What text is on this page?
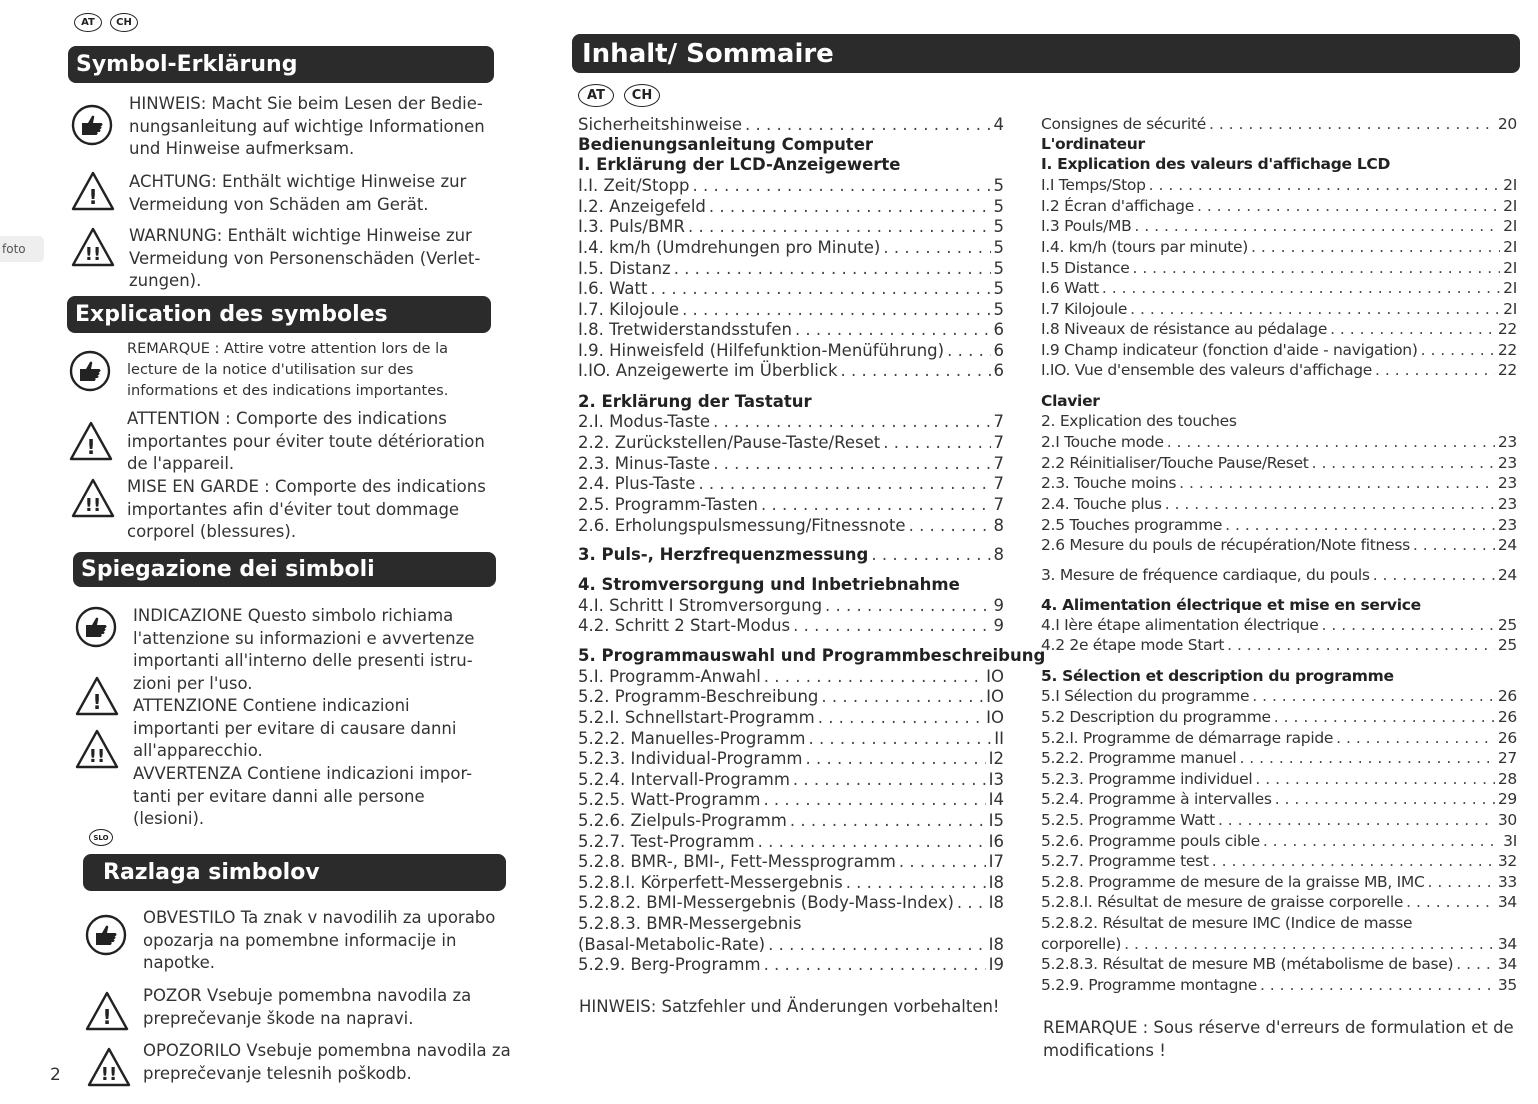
foto
AT	CH
Symbol-Erklärung
HINWEIS: Macht Sie beim Lesen der Bedie-
nungsanleitung auf wichtige Informationen
und Hinweise aufmerksam.
!
ACHTUNG: Enthält wichtige Hinweise zur
Vermeidung von Schäden am Gerät.
!!
WARNUNG: Enthält wichtige Hinweise zur
Vermeidung von Personenschäden (Verlet-
zungen).
Explication des symboles
REMARQUE : Attire votre attention lors de la
lecture de la notice d'utilisation sur des
informations et des indications importantes.
!
ATTENTION : Comporte des indications
importantes pour éviter toute détérioration
de l'appareil.
!!
MISE EN GARDE : Comporte des indications
importantes afin d'éviter tout dommage
corporel (blessures).
Spiegazione dei simboli
INDICAZIONE Questo simbolo richiama
l'attenzione su informazioni e avvertenze
importanti all'interno delle presenti istru-
zioni per l'uso.
! ATTENZIONE Contiene indicazioni
importanti per evitare di causare danni
all'apparecchio.
!!
AVVERTENZA Contiene indicazioni impor-
tanti per evitare danni alle persone
(lesioni).
SLO
Razlaga simbolov
OBVESTILO Ta znak v navodilih za uporabo
opozarja na pomembne informacije in
napotke.
!
POZOR Vsebuje pomembna navodila za
preprečevanje škode na napravi.
!!
OPOZORILO Vsebuje pomembna navodila za
preprečevanje telesnih poškodb.
2
Inhalt/ Sommaire
AT	CH
Sicherheitshinweise . . .	4
Bedienungsanleitung Computer
I. Erklärung der LCD-Anzeigewerte
I.I. Zeit/Stopp . . .	5
I.2. Anzeigefeld . . .	5
I.3. Puls/BMR . . .	5
I.4. km/h (Umdrehungen pro Minute) . . .	5
I.5. Distanz . . .	5
I.6. Watt . . .	5
I.7. Kilojoule . . .	5
I.8. Tretwiderstandsstufen . . .	6
I.9. Hinweisfeld (Hilfefunktion-Menüführung) . . .	6
I.IO. Anzeigewerte im Überblick . . .	6
2. Erklärung der Tastatur
2.I. Modus-Taste . . .	7
2.2. Zurückstellen/Pause-Taste/Reset . . .	7
2.3. Minus-Taste . . .	7
2.4. Plus-Taste . . .	7
2.5. Programm-Tasten . . .	7
2.6. Erholungspulsmessung/Fitnessnote . . .	8
3. Puls-, Herzfrequenzmessung . . .	8
4. Stromversorgung und Inbetriebnahme
4.I. Schritt I Stromversorgung . . .	9
4.2. Schritt 2 Start-Modus . . .	9
5. Programmauswahl und Programmbeschreibung
5.I. Programm-Anwahl . . .	IO
5.2. Programm-Beschreibung . . .	IO
5.2.I. Schnellstart-Programm . . .	IO
5.2.2. Manuelles-Programm . . .	II
5.2.3. Individual-Programm . . .	I2
5.2.4. Intervall-Programm . . .	I3
5.2.5. Watt-Programm . . .	I4
5.2.6. Zielpuls-Programm . . .	I5
5.2.7. Test-Programm . . .	I6
5.2.8. BMR-, BMI-, Fett-Messprogramm . . .	I7
5.2.8.I. Körperfett-Messergebnis . . .	I8
5.2.8.2. BMI-Messergebnis (Body-Mass-Index) . . . I8
5.2.8.3. BMR-Messergebnis
(Basal-Metabolic-Rate) . . .	I8
5.2.9. Berg-Programm . . .	I9
HINWEIS: Satzfehler und Änderungen vorbehalten!
Consignes de sécurité . . .	20
L'ordinateur
I. Explication des valeurs d'affichage LCD
I.I Temps/Stop . . .	2I
I.2 Écran d'affichage . . .	2I
I.3 Pouls/MB . . .	2I
I.4. km/h (tours par minute) . . .	2I
I.5 Distance . . .	2I
I.6 Watt . . .	2I
I.7 Kilojoule . . .	2I
I.8 Niveaux de résistance au pédalage . . .	22
I.9 Champ indicateur (fonction d'aide - navigation) . . .	22
I.IO. Vue d'ensemble des valeurs d'affichage . . .	22
Clavier
2. Explication des touches
2.I Touche mode . . .	23
2.2 Réinitialiser/Touche Pause/Reset . . .	23
2.3. Touche moins . . .	23
2.4. Touche plus . . .	23
2.5 Touches programme . . .	23
2.6 Mesure du pouls de récupération/Note fitness . . .	24
3. Mesure de fréquence cardiaque, du pouls . . .	24
4. Alimentation électrique et mise en service
4.I Ière étape alimentation électrique . . .	25
4.2 2e étape mode Start . . .	25
5. Sélection et description du programme
5.I Sélection du programme . . .	26
5.2 Description du programme . . .	26
5.2.I. Programme de démarrage rapide . . .	26
5.2.2. Programme manuel . . .	27
5.2.3. Programme individuel . . .	28
5.2.4. Programme à intervalles . . .	29
5.2.5. Programme Watt . . .	30
5.2.6. Programme pouls cible . . .	3I
5.2.7. Programme test . . .	32
5.2.8. Programme de mesure de la graisse MB, IMC . . .	33
5.2.8.I. Résultat de mesure de graisse corporelle . . .	34
5.2.8.2. Résultat de mesure IMC (Indice de masse
corporelle) . . .	34
5.2.8.3. Résultat de mesure MB (métabolisme de base) . . .	34
5.2.9. Programme montagne . . .	35
REMARQUE : Sous réserve d'erreurs de formulation et de
modifications !
